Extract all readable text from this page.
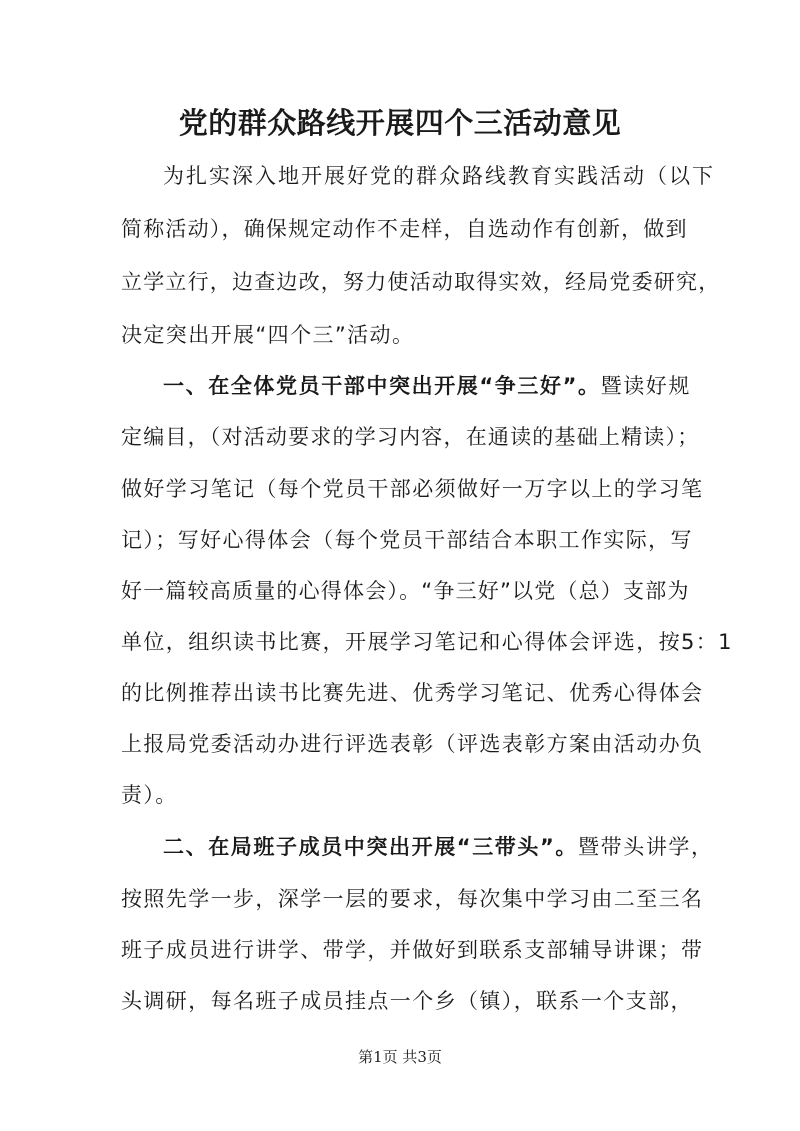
党的群众路线开展四个三活动意见

为扎实深入地开展好党的群众路线教育实践活动（以下

简称活动），确保规定动作不走样，自选动作有创新，做到

立学立行，边查边改，努力使活动取得实效，经局党委研究，

决定突出开展“四个三”活动。

一、在全体党员干部中突出开展“争三好”。暨读好规

定编目，（对活动要求的学习内容，在通读的基础上精读）；

做好学习笔记（每个党员干部必须做好一万字以上的学习笔

记）；写好心得体会（每个党员干部结合本职工作实际，写

好一篇较高质量的心得体会）。“争三好”以党（总）支部为

单位，组织读书比赛，开展学习笔记和心得体会评选，按5：1

的比例推荐出读书比赛先进、优秀学习笔记、优秀心得体会

上报局党委活动办进行评选表彰（评选表彰方案由活动办负

责）。

二、在局班子成员中突出开展“三带头”。暨带头讲学，

按照先学一步，深学一层的要求，每次集中学习由二至三名

班子成员进行讲学、带学，并做好到联系支部辅导讲课；带

头调研，每名班子成员挂点一个乡（镇），联系一个支部，

第1页 共3页
